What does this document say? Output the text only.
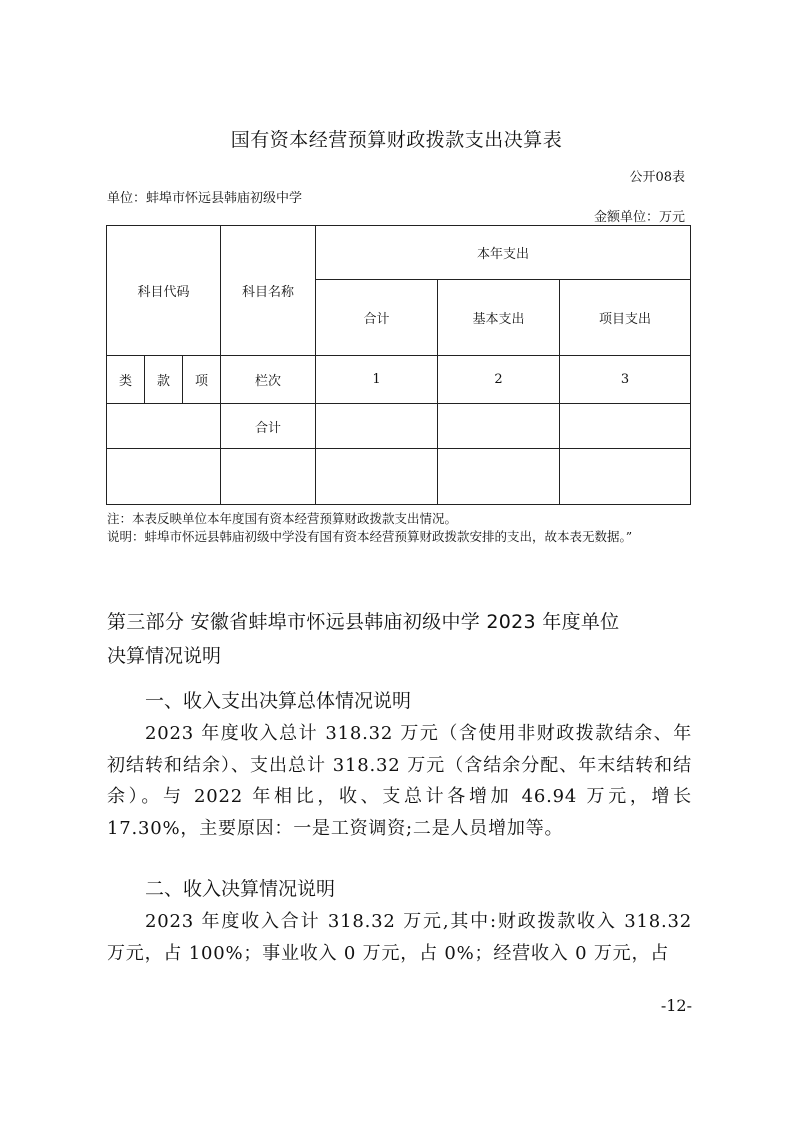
国有资本经营预算财政拨款支出决算表
公开08表
单位：蚌埠市怀远县韩庙初级中学
金额单位：万元
科目代码			科目名称	本年支出		
				合计	基本支出	项目支出
类	款	项	栏次	1	2	3
			合计			

注：本表反映单位本年度国有资本经营预算财政拨款支出情况。
说明：蚌埠市怀远县韩庙初级中学没有国有资本经营预算财政拨款安排的支出，故本表无数据。”
第三部分 安徽省蚌埠市怀远县韩庙初级中学 2023 年度单位
决算情况说明
一、收入支出决算总体情况说明
2023 年度收入总计 318.32 万元（含使用非财政拨款结余、年初结转和结余）、支出总计 318.32 万元（含结余分配、年末结转和结余）。与 2022 年相比，收、支总计各增加 46.94 万元，增长 17.30%，主要原因：一是工资调资;二是人员增加等。
二、收入决算情况说明
2023 年度收入合计 318.32 万元,其中:财政拨款收入 318.32 万元，占 100%；事业收入 0 万元，占 0%；经营收入 0 万元，占
-12-
